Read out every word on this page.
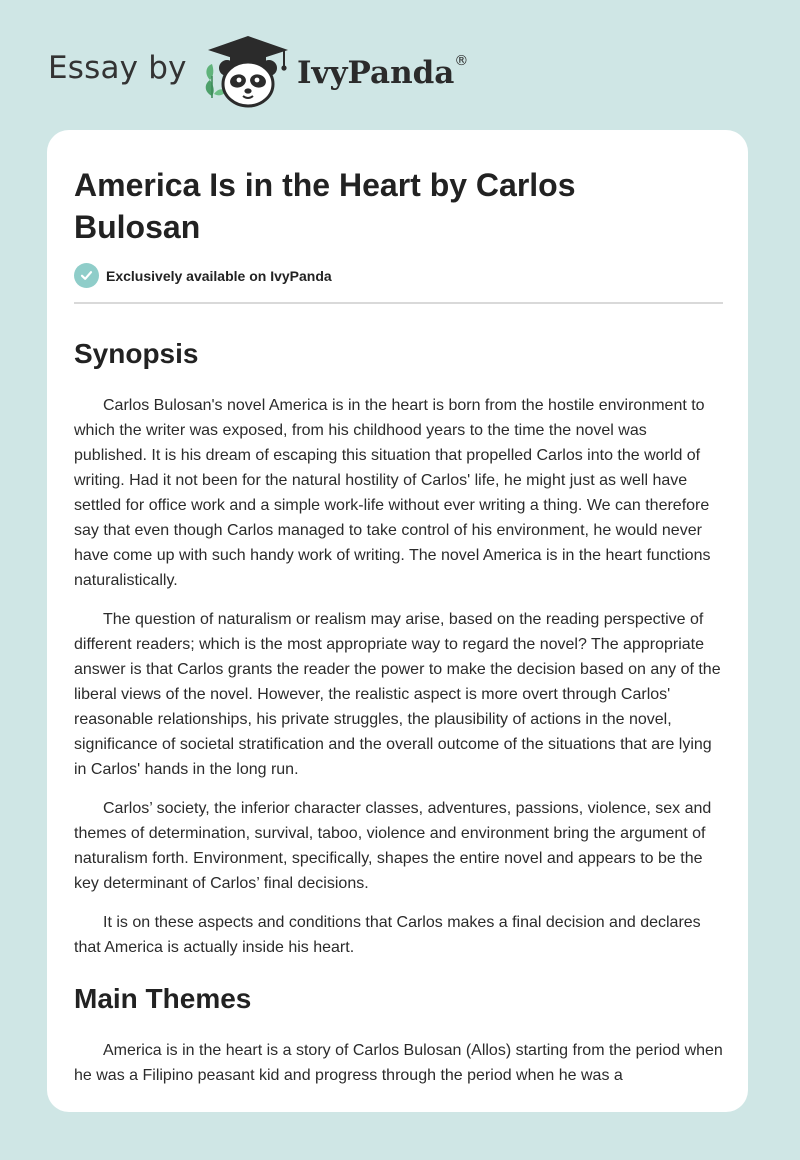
Essay by	IvyPanda®
America Is in the Heart by Carlos Bulosan
Exclusively available on IvyPanda
Synopsis

Carlos Bulosan's novel America is in the heart is born from the hostile environment to which the writer was exposed, from his childhood years to the time the novel was published. It is his dream of escaping this situation that propelled Carlos into the world of writing. Had it not been for the natural hostility of Carlos' life, he might just as well have settled for office work and a simple work-life without ever writing a thing. We can therefore say that even though Carlos managed to take control of his environment, he would never have come up with such handy work of writing. The novel America is in the heart functions naturalistically.

The question of naturalism or realism may arise, based on the reading perspective of different readers; which is the most appropriate way to regard the novel? The appropriate answer is that Carlos grants the reader the power to make the decision based on any of the liberal views of the novel. However, the realistic aspect is more overt through Carlos' reasonable relationships, his private struggles, the plausibility of actions in the novel, significance of societal stratification and the overall outcome of the situations that are lying in Carlos' hands in the long run.

Carlos’ society, the inferior character classes, adventures, passions, violence, sex and themes of determination, survival, taboo, violence and environment bring the argument of naturalism forth. Environment, specifically, shapes the entire novel and appears to be the key determinant of Carlos’ final decisions.

It is on these aspects and conditions that Carlos makes a final decision and declares that America is actually inside his heart.

Main Themes

America is in the heart is a story of Carlos Bulosan (Allos) starting from the period when he was a Filipino peasant kid and progress through the period when he was a
